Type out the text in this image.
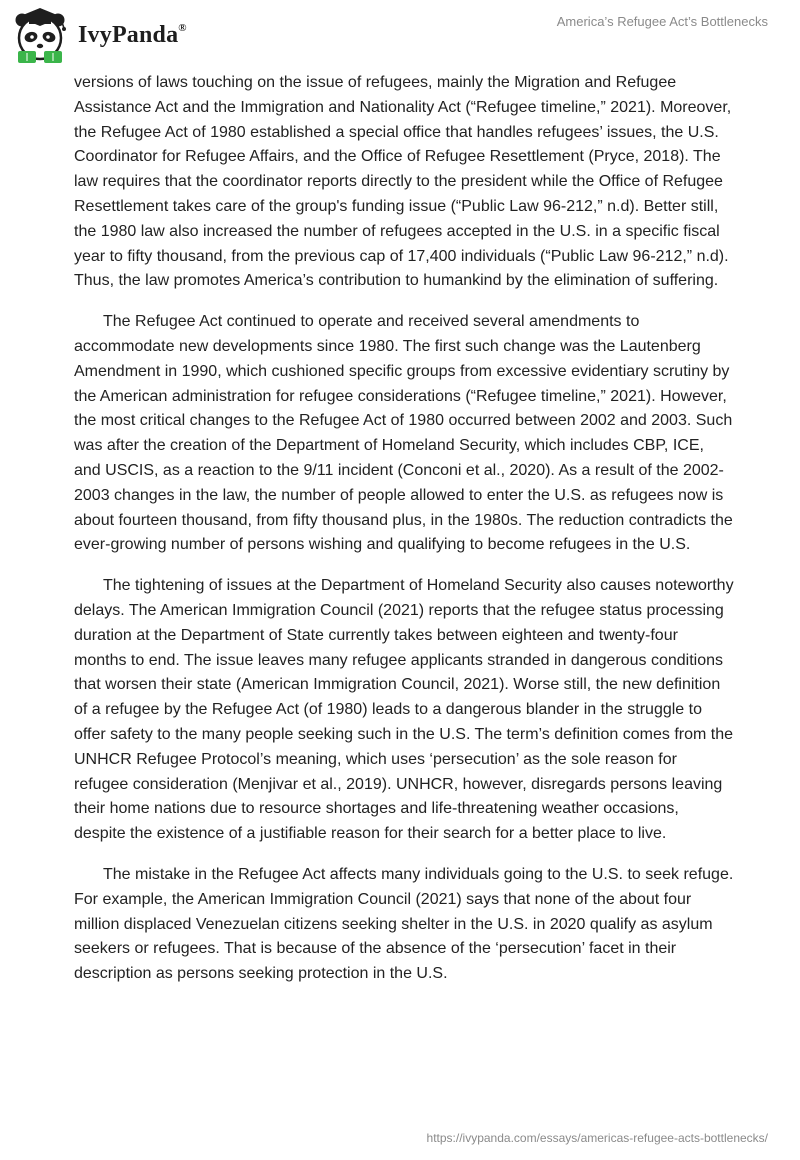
IvyPanda®	America’s Refugee Act’s Bottlenecks

versions of laws touching on the issue of refugees, mainly the Migration and Refugee Assistance Act and the Immigration and Nationality Act (“Refugee timeline,” 2021). Moreover, the Refugee Act of 1980 established a special office that handles refugees’ issues, the U.S. Coordinator for Refugee Affairs, and the Office of Refugee Resettlement (Pryce, 2018). The law requires that the coordinator reports directly to the president while the Office of Refugee Resettlement takes care of the group's funding issue (“Public Law 96-212,” n.d). Better still, the 1980 law also increased the number of refugees accepted in the U.S. in a specific fiscal year to fifty thousand, from the previous cap of 17,400 individuals (“Public Law 96-212,” n.d). Thus, the law promotes America’s contribution to humankind by the elimination of suffering.

The Refugee Act continued to operate and received several amendments to accommodate new developments since 1980. The first such change was the Lautenberg Amendment in 1990, which cushioned specific groups from excessive evidentiary scrutiny by the American administration for refugee considerations (“Refugee timeline,” 2021). However, the most critical changes to the Refugee Act of 1980 occurred between 2002 and 2003. Such was after the creation of the Department of Homeland Security, which includes CBP, ICE, and USCIS, as a reaction to the 9/11 incident (Conconi et al., 2020). As a result of the 2002-2003 changes in the law, the number of people allowed to enter the U.S. as refugees now is about fourteen thousand, from fifty thousand plus, in the 1980s. The reduction contradicts the ever-growing number of persons wishing and qualifying to become refugees in the U.S.

The tightening of issues at the Department of Homeland Security also causes noteworthy delays. The American Immigration Council (2021) reports that the refugee status processing duration at the Department of State currently takes between eighteen and twenty-four months to end. The issue leaves many refugee applicants stranded in dangerous conditions that worsen their state (American Immigration Council, 2021). Worse still, the new definition of a refugee by the Refugee Act (of 1980) leads to a dangerous blander in the struggle to offer safety to the many people seeking such in the U.S. The term’s definition comes from the UNHCR Refugee Protocol’s meaning, which uses ‘persecution’ as the sole reason for refugee consideration (Menjivar et al., 2019). UNHCR, however, disregards persons leaving their home nations due to resource shortages and life-threatening weather occasions, despite the existence of a justifiable reason for their search for a better place to live.

The mistake in the Refugee Act affects many individuals going to the U.S. to seek refuge. For example, the American Immigration Council (2021) says that none of the about four million displaced Venezuelan citizens seeking shelter in the U.S. in 2020 qualify as asylum seekers or refugees. That is because of the absence of the ‘persecution’ facet in their description as persons seeking protection in the U.S.

https://ivypanda.com/essays/americas-refugee-acts-bottlenecks/
